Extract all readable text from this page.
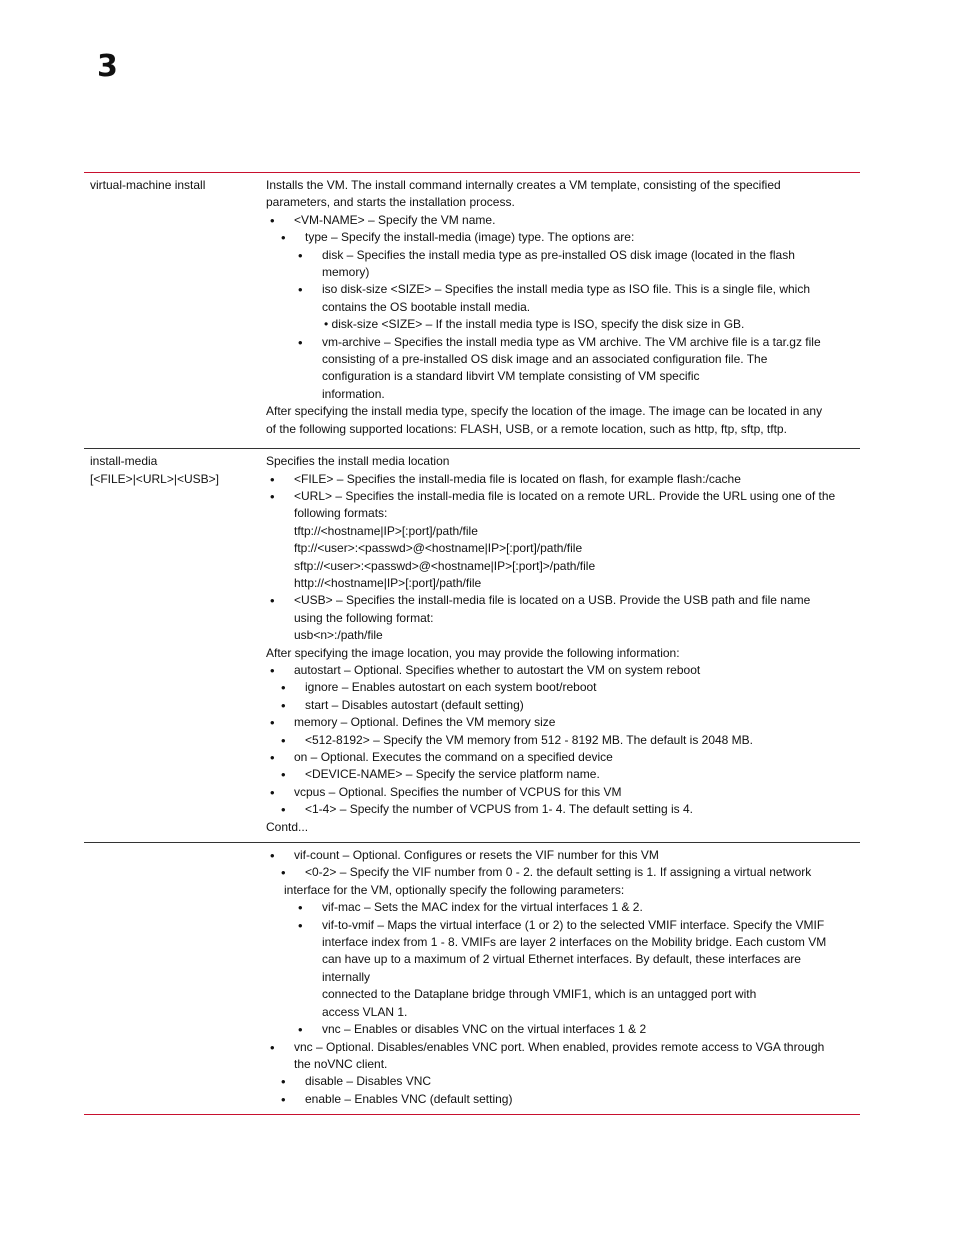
3
virtual-machine install	Installs the VM. The install command internally creates a VM template, consisting of the specified
parameters, and starts the installation process.
• <VM-NAME> – Specify the VM name.
• type – Specify the install-media (image) type. The options are:
• disk – Specifies the install media type as pre-installed OS disk image (located in the flash
memory)
• iso disk-size <SIZE> – Specifies the install media type as ISO file. This is a single file, which
contains the OS bootable install media.
• disk-size <SIZE> – If the install media type is ISO, specify the disk size in GB.
• vm-archive – Specifies the install media type as VM archive. The VM archive file is a tar.gz file
consisting of a pre-installed OS disk image and an associated configuration file. The
configuration is a standard libvirt VM template consisting of VM specific
information.
After specifying the install media type, specify the location of the image. The image can be located in any
of the following supported locations: FLASH, USB, or a remote location, such as http, ftp, sftp, tftp.
install-media
[<FILE>|<URL>|<USB>]
Specifies the install media location
• <FILE> – Specifies the install-media file is located on flash, for example flash:/cache
• <URL> – Specifies the install-media file is located on a remote URL. Provide the URL using one of the
following formats:
tftp://<hostname|IP>[:port]/path/file
ftp://<user>:<passwd>@<hostname|IP>[:port]/path/file
sftp://<user>:<passwd>@<hostname|IP>[:port]>/path/file
http://<hostname|IP>[:port]/path/file
• <USB> – Specifies the install-media file is located on a USB. Provide the USB path and file name
using the following format:
usb<n>:/path/file
After specifying the image location, you may provide the following information:
• autostart – Optional. Specifies whether to autostart the VM on system reboot
• ignore – Enables autostart on each system boot/reboot
• start – Disables autostart (default setting)
• memory – Optional. Defines the VM memory size
• <512-8192> – Specify the VM memory from 512 - 8192 MB. The default is 2048 MB.
• on – Optional. Executes the command on a specified device
• <DEVICE-NAME> – Specify the service platform name.
• vcpus – Optional. Specifies the number of VCPUS for this VM
• <1-4> – Specify the number of VCPUS from 1- 4. The default setting is 4.
Contd...
• vif-count – Optional. Configures or resets the VIF number for this VM
• <0-2> – Specify the VIF number from 0 - 2. the default setting is 1. If assigning a virtual network
interface for the VM, optionally specify the following parameters:
• vif-mac – Sets the MAC index for the virtual interfaces 1 & 2.
• vif-to-vmif – Maps the virtual interface (1 or 2) to the selected VMIF interface. Specify the VMIF
interface index from 1 - 8. VMIFs are layer 2 interfaces on the Mobility bridge. Each custom VM
can have up to a maximum of 2 virtual Ethernet interfaces. By default, these interfaces are
internally
connected to the Dataplane bridge through VMIF1, which is an untagged port with
access VLAN 1.
• vnc – Enables or disables VNC on the virtual interfaces 1 & 2
• vnc – Optional. Disables/enables VNC port. When enabled, provides remote access to VGA through
the noVNC client.
• disable – Disables VNC
• enable – Enables VNC (default setting)
